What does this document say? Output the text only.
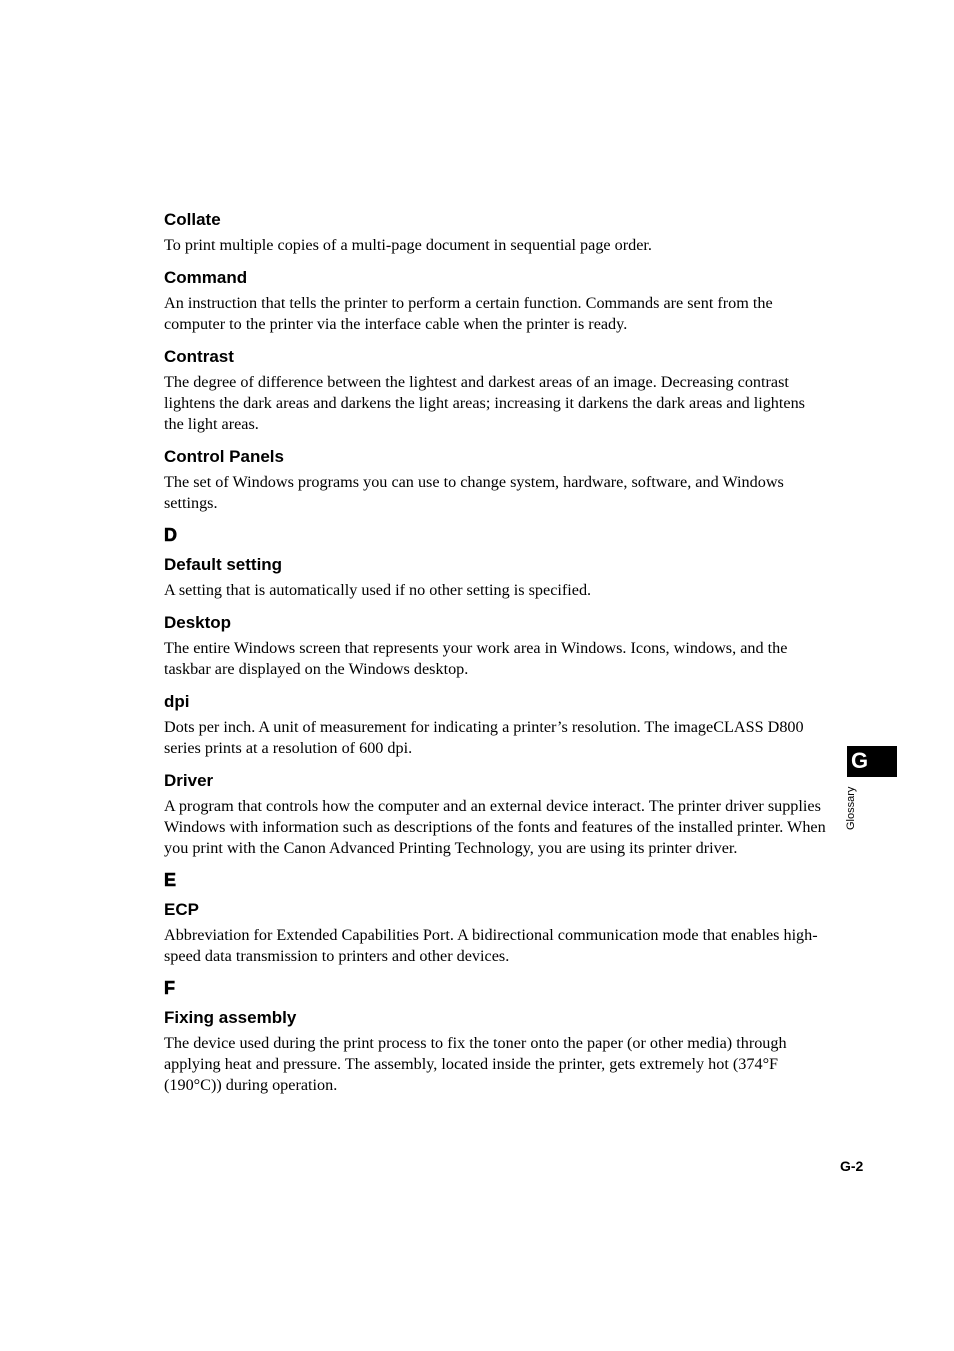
Collate
To print multiple copies of a multi-page document in sequential page order.
Command
An instruction that tells the printer to perform a certain function. Commands are sent from the computer to the printer via the interface cable when the printer is ready.
Contrast
The degree of difference between the lightest and darkest areas of an image. Decreasing contrast lightens the dark areas and darkens the light areas; increasing it darkens the dark areas and lightens the light areas.
Control Panels
The set of Windows programs you can use to change system, hardware, software, and Windows settings.
D
Default setting
A setting that is automatically used if no other setting is specified.
Desktop
The entire Windows screen that represents your work area in Windows. Icons, windows, and the taskbar are displayed on the Windows desktop.
dpi
Dots per inch. A unit of measurement for indicating a printer’s resolution. The imageCLASS D800 series prints at a resolution of 600 dpi.
Driver
A program that controls how the computer and an external device interact. The printer driver supplies Windows with information such as descriptions of the fonts and features of the installed printer. When you print with the Canon Advanced Printing Technology, you are using its printer driver.
E
ECP
Abbreviation for Extended Capabilities Port. A bidirectional communication mode that enables high-speed data transmission to printers and other devices.
F
Fixing assembly
The device used during the print process to fix the toner onto the paper (or other media) through applying heat and pressure. The assembly, located inside the printer, gets extremely hot (374°F (190°C)) during operation.
G
Glossary
G-2
